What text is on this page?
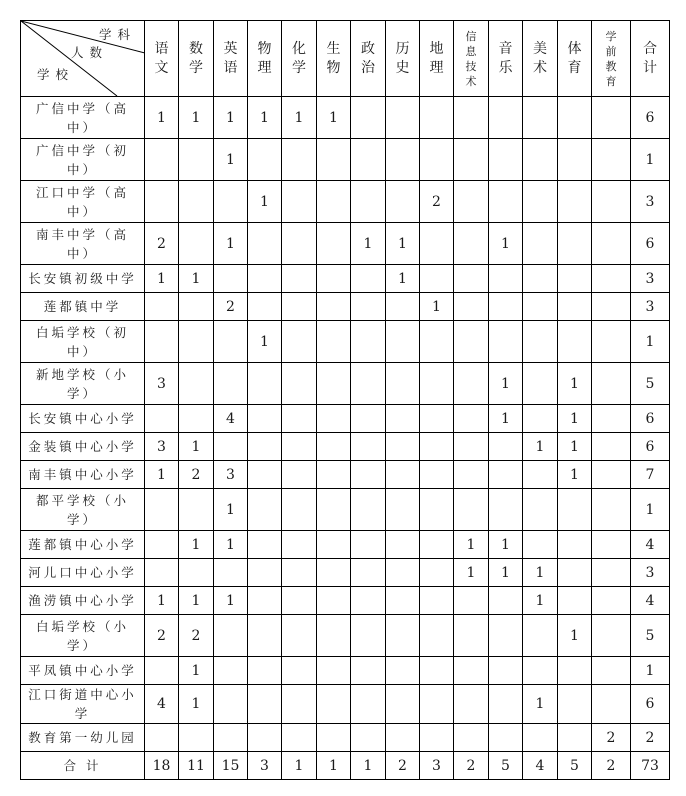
学科
人数
学校	语文	数学	英语	物理	化学	生物	政治	历史	地理	信息技术	音乐	美术	体育	学前教育	合计
广信中学（高中）	1	1	1	1	1	1									6
广信中学（初中）			1												1
江口中学（高中）				1					2						3
南丰中学（高中）	2		1				1	1			1				6
长安镇初级中学	1	1						1							3
莲都镇中学			2						1						3
白垢学校（初中）				1											1
新地学校（小学）	3										1		1		5
长安镇中心小学			4								1		1		6
金装镇中心小学	3	1										1	1		6
南丰镇中心小学	1	2	3										1		7
都平学校（小学）			1												1
莲都镇中心小学		1	1							1	1				4
河儿口中心小学										1	1	1			3
渔涝镇中心小学	1	1	1									1			4
白垢学校（小学）	2	2											1		5
平凤镇中心小学		1													1
江口街道中心小学	4	1										1			6
教育第一幼儿园														2	2
合 计	18	11	15	3	1	1	1	2	3	2	5	4	5	2	73
